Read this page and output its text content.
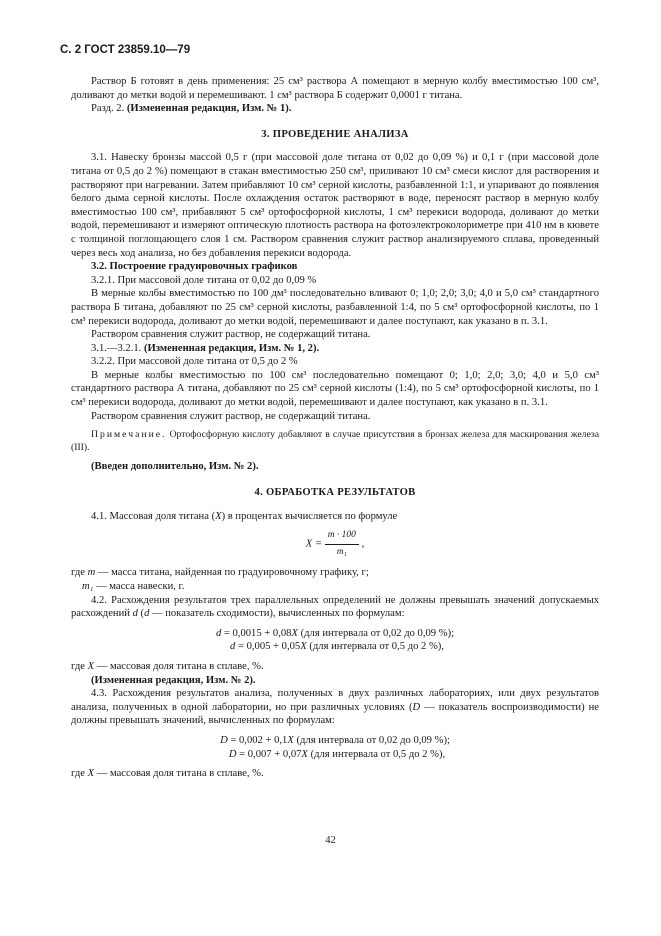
С. 2 ГОСТ 23859.10—79

Раствор Б готовят в день применения: 25 см³ раствора А помещают в мерную колбу вместимостью 100 см³, доливают до метки водой и перемешивают. 1 см³ раствора Б содержит 0,0001 г титана.

Разд. 2. (Измененная редакция, Изм. № 1).

3. ПРОВЕДЕНИЕ АНАЛИЗА

3.1. Навеску бронзы массой 0,5 г (при массовой доле титана от 0,02 до 0,09 %) и 0,1 г (при массовой доле титана от 0,5 до 2 %) помещают в стакан вместимостью 250 см³, приливают 10 см³ смеси кислот для растворения и растворяют при нагревании. Затем прибавляют 10 см³ серной кислоты, разбавленной 1:1, и упаривают до появления белого дыма серной кислоты. После охлаждения остаток растворяют в воде, переносят раствор в мерную колбу вместимостью 100 см³, прибавляют 5 см³ ортофосфорной кислоты, 1 см³ перекиси водорода, доливают до метки водой, перемешивают и измеряют оптическую плотность раствора на фотоэлектроколориметре при 410 нм в кювете с толщиной поглощающего слоя 1 см. Раствором сравнения служит раствор анализируемого сплава, проведенный через весь ход анализа, но без добавления перекиси водорода.

3.2. Построение градуировочных графиков

3.2.1. При массовой доле титана от 0,02 до 0,09 %

В мерные колбы вместимостью по 100 дм³ последовательно вливают 0; 1,0; 2,0; 3,0; 4,0 и 5,0 см³ стандартного раствора Б титана, добавляют по 25 см³ серной кислоты, разбавленной 1:4, по 5 см³ ортофосфорной кислоты, по 1 см³ перекиси водорода, доливают до метки водой, перемешивают и далее поступают, как указано в п. 3.1.

Раствором сравнения служит раствор, не содержащий титана.

3.1.—3.2.1. (Измененная редакция, Изм. № 1, 2).

3.2.2. При массовой доле титана от 0,5 до 2 %

В мерные колбы вместимостью по 100 см³ последовательно помещают 0; 1,0; 2,0; 3,0; 4,0 и 5,0 см³ стандартного раствора А титана, добавляют по 25 см³ серной кислоты (1:4), по 5 см³ ортофосфорной кислоты, по 1 см³ перекиси водорода, доливают до метки водой, перемешивают и далее поступают, как указано в п. 3.1.

Раствором сравнения служит раствор, не содержащий титана.

Примечание. Ортофосфорную кислоту добавляют в случае присутствия в бронзах железа для маскирования железа (III).

(Введен дополнительно, Изм. № 2).

4. ОБРАБОТКА РЕЗУЛЬТАТОВ

4.1. Массовая доля титана (X) в процентах вычисляется по формуле

$X = \frac{m \cdot 100}{\text{m₁}}$ ,

где m — масса титана, найденная по градуировочному графику, г;

m₁ — масса навески, г.

4.2. Расхождения результатов трех параллельных определений не должны превышать значений допускаемых расхождений d (d — показатель сходимости), вычисленных по формулам:

d = 0,0015 + 0,08X (для интервала от 0,02 до 0,09 %);
d = 0,005 + 0,05X (для интервала от 0,5 до 2 %),

где X — массовая доля титана в сплаве, %.

(Измененная редакция, Изм. № 2).

4.3. Расхождения результатов анализа, полученных в двух различных лабораториях, или двух результатов анализа, полученных в одной лаборатории, но при различных условиях (D — показатель воспроизводимости) не должны превышать значений, вычисленных по формулам:

D = 0,002 + 0,1X (для интервала от 0,02 до 0,09 %);
D = 0,007 + 0,07X (для интервала от 0,5 до 2 %),

где X — массовая доля титана в сплаве, %.

42
